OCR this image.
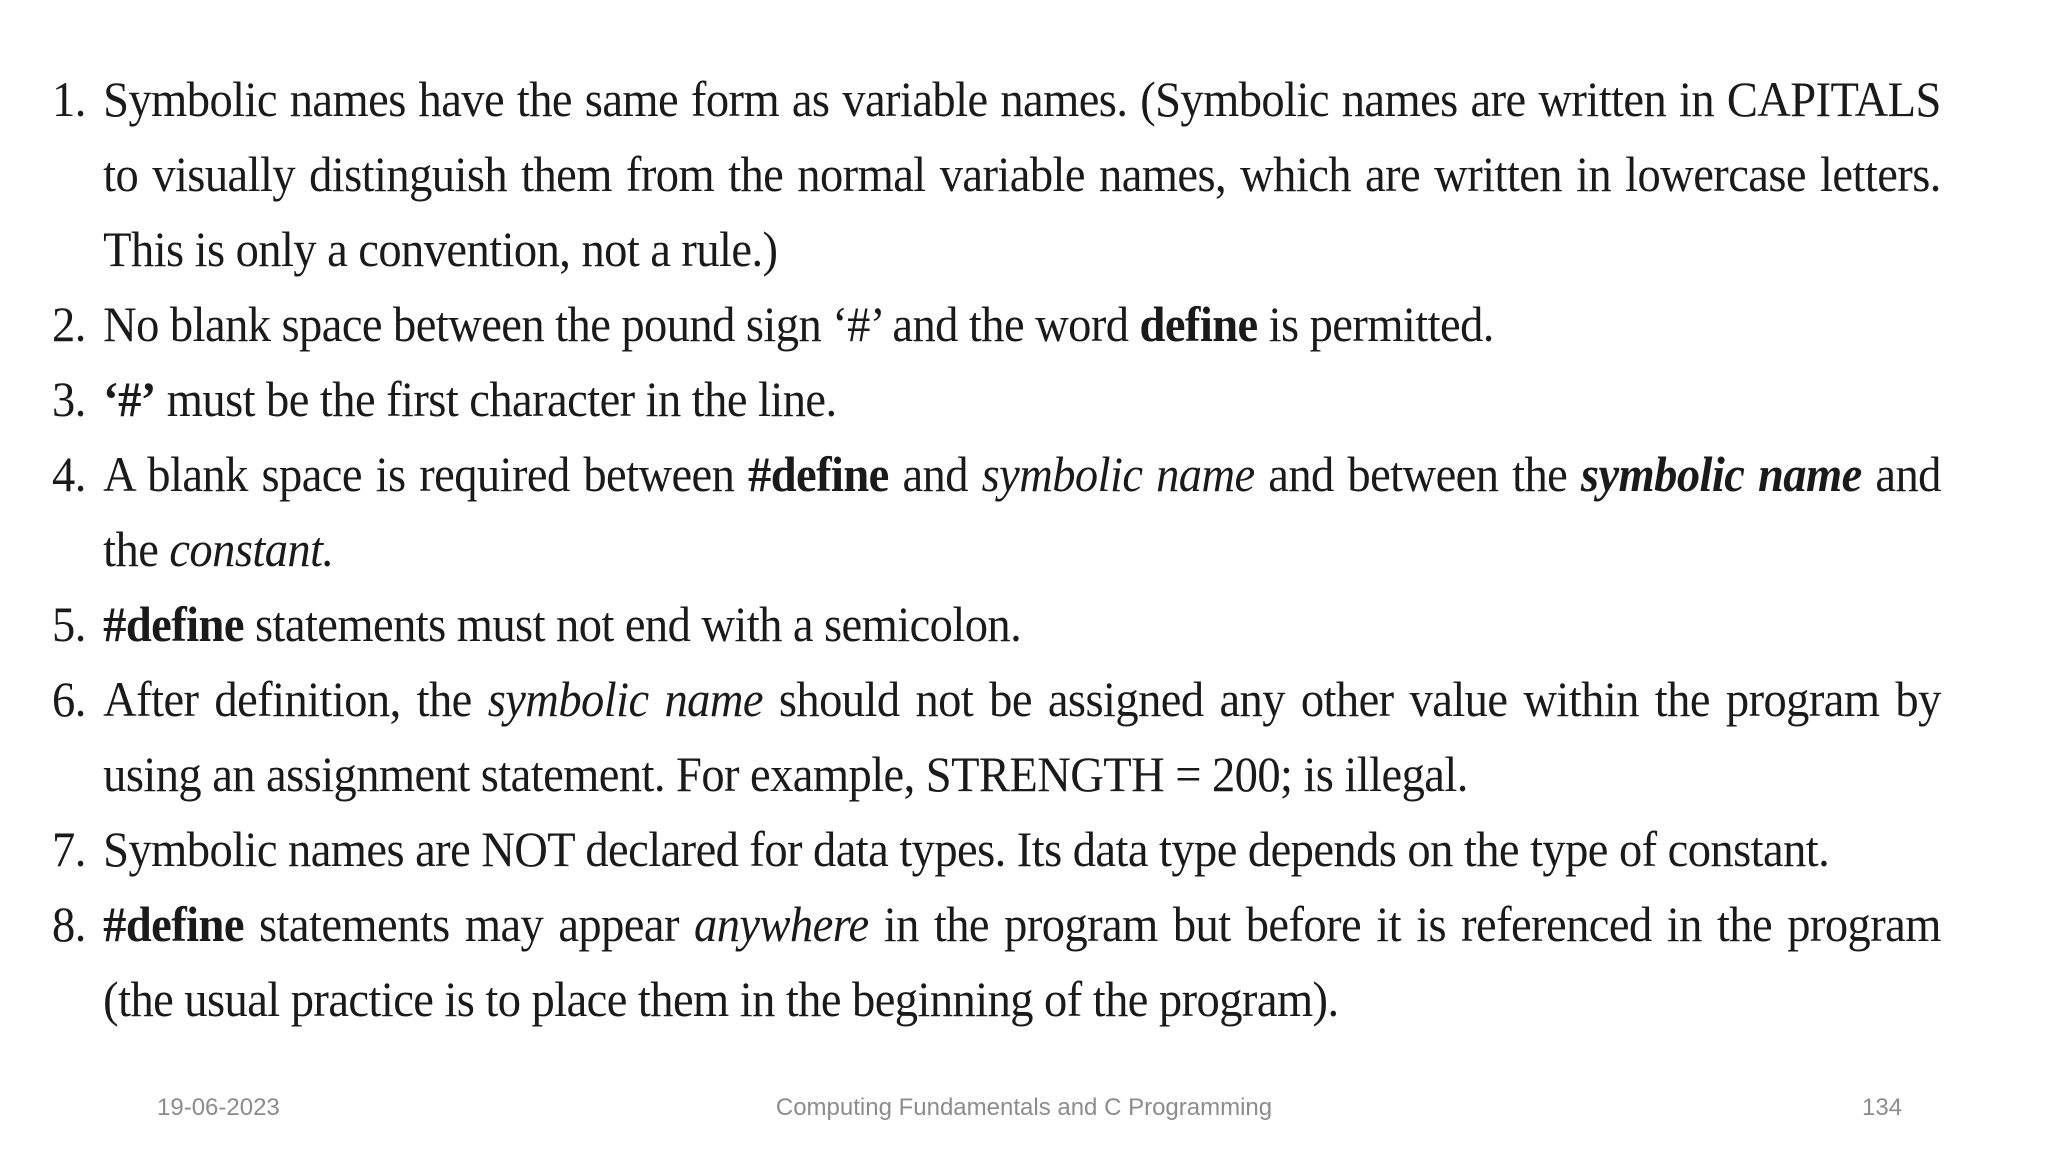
1. Symbolic names have the same form as variable names. (Symbolic names are written in CAPITALS to visually distinguish them from the normal variable names, which are written in lowercase letters. This is only a convention, not a rule.)
2. No blank space between the pound sign ‘#’ and the word define is permitted.
3. ‘#’ must be the first character in the line.
4. A blank space is required between #define and symbolic name and between the symbolic name and the constant.
5. #define statements must not end with a semicolon.
6. After definition, the symbolic name should not be assigned any other value within the program by using an assignment statement. For example, STRENGTH = 200; is illegal.
7. Symbolic names are NOT declared for data types. Its data type depends on the type of constant.
8. #define statements may appear anywhere in the program but before it is referenced in the program (the usual practice is to place them in the beginning of the program).
19-06-2023	Computing Fundamentals and C Programming	134
